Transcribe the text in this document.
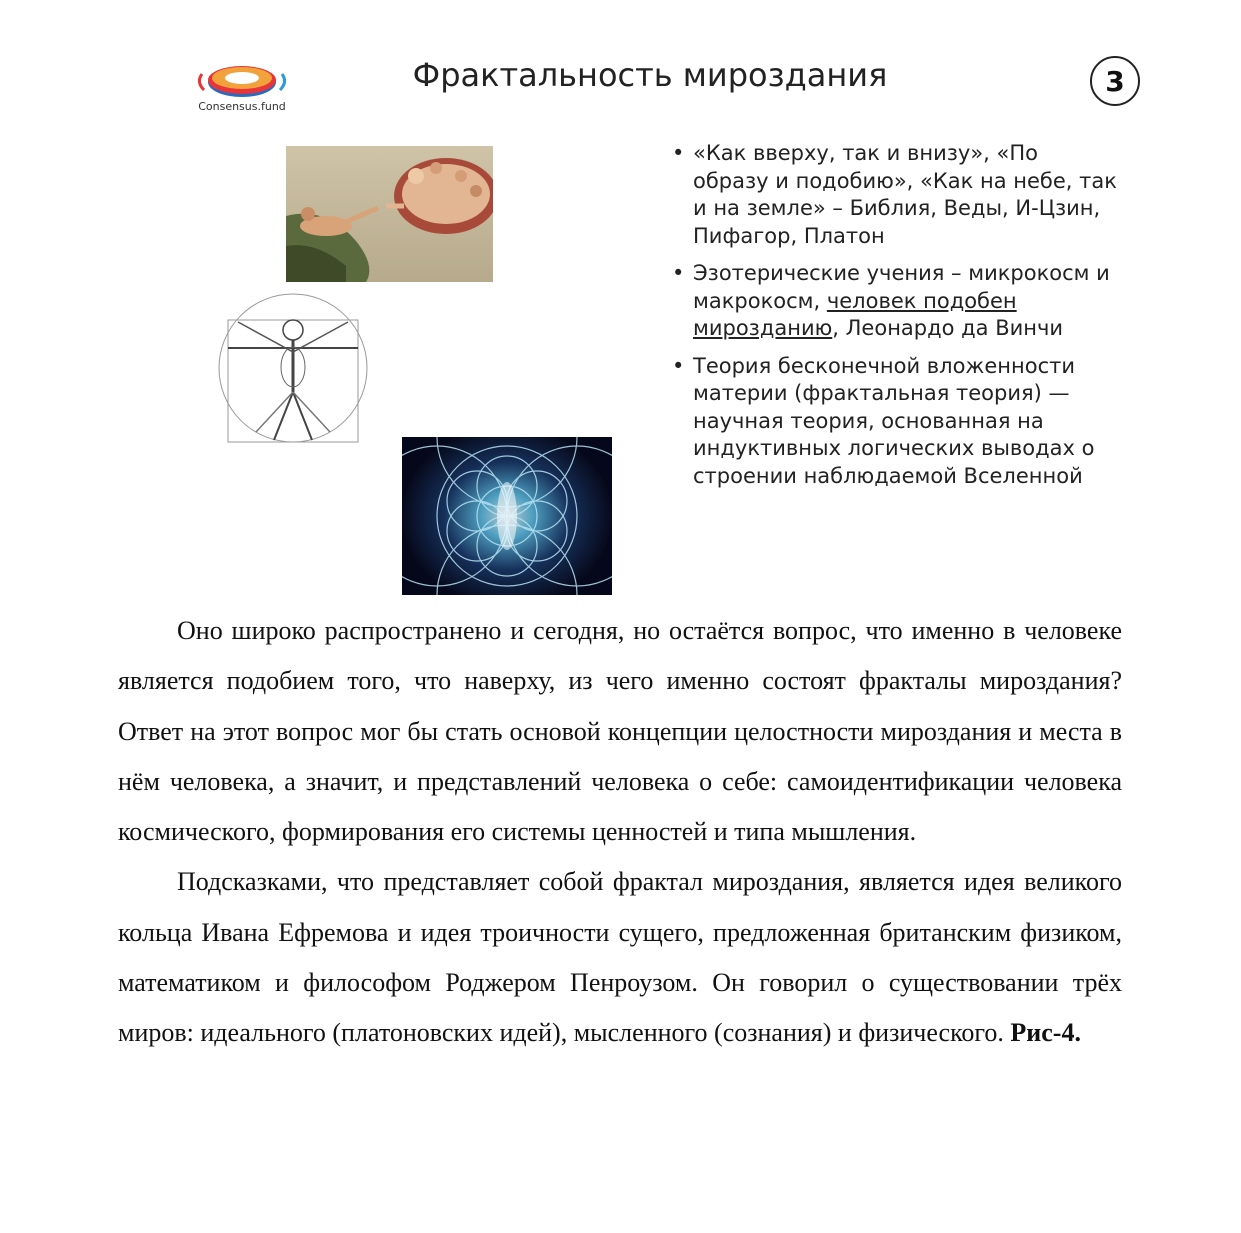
Consensus.fund
Фрактальность мироздания	3
• «Как вверху, так и внизу», «По образу и подобию», «Как на небе, так и на земле» – Библия, Веды, И-Цзин, Пифагор, Платон
• Эзотерические учения – микрокосм и макрокосм, человек подобен мирозданию, Леонардо да Винчи
• Теория бесконечной вложенности материи (фрактальная теория) — научная теория, основанная на индуктивных логических выводах о строении наблюдаемой Вселенной

Оно широко распространено и сегодня, но остаётся вопрос, что именно в человеке является подобием того, что наверху, из чего именно состоят фракталы мироздания? Ответ на этот вопрос мог бы стать основой концепции целостности мироздания и места в нём человека, а значит, и представлений человека о себе: самоидентификации человека космического, формирования его системы ценностей и типа мышления.

Подсказками, что представляет собой фрактал мироздания, является идея великого кольца Ивана Ефремова и идея троичности сущего, предложенная британским физиком, математиком и философом Роджером Пенроузом. Он говорил о существовании трёх миров: идеального (платоновских идей), мысленного (сознания) и физического. Рис-4.
